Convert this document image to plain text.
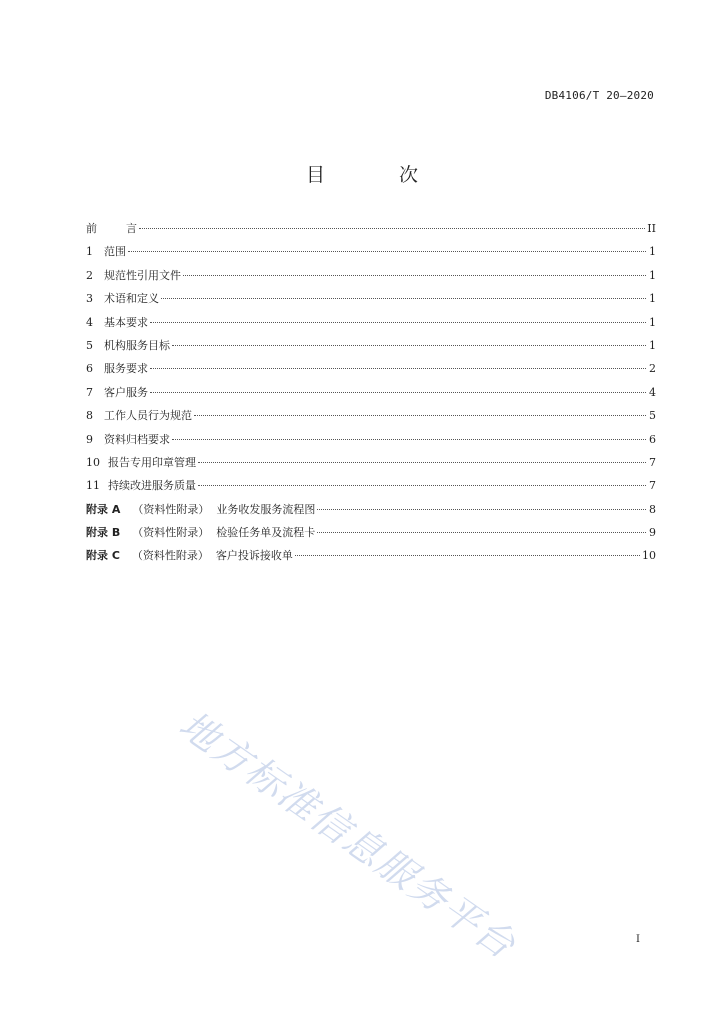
DB4106/T 20—2020
目 次
前	言	II
1	范围	1
2	规范性引用文件	1
3	术语和定义	1
4	基本要求	1
5	机构服务目标	1
6	服务要求	2
7	客户服务	4
8	工作人员行为规范	5
9	资料归档要求	6
10 报告专用印章管理	7
11 持续改进服务质量	7
附录 A （资料性附录）  业务收发服务流程图	8
附录 B （资料性附录）  检验任务单及流程卡	9
附录 C （资料性附录）  客户投诉接收单	10
地方标准信息服务平台	I
